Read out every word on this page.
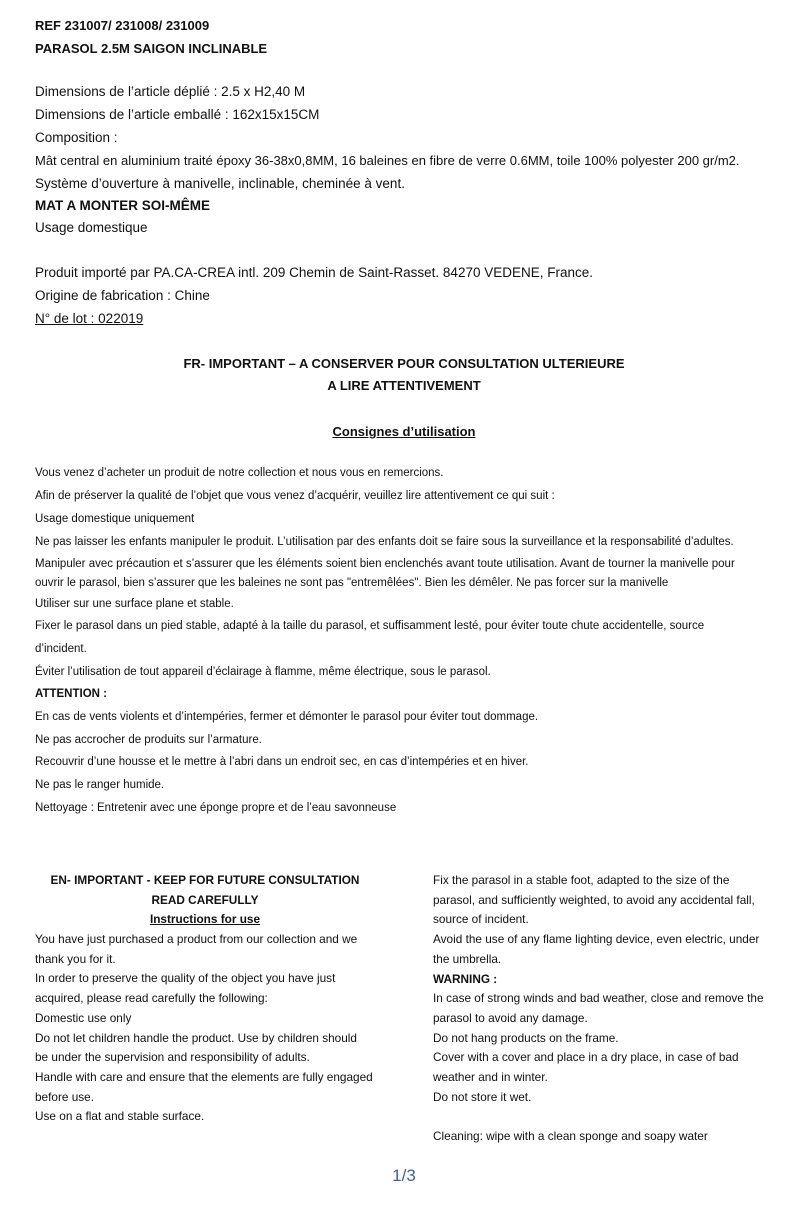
REF 231007/ 231008/ 231009
PARASOL 2.5M SAIGON INCLINABLE
Dimensions de l’article déplié : 2.5 x H2,40 M
Dimensions de l’article emballé : 162x15x15CM
Composition :
Mât central en aluminium traité époxy 36-38x0,8MM, 16 baleines en fibre de verre 0.6MM, toile 100% polyester 200 gr/m2.
Système d’ouverture à manivelle, inclinable, cheminée à vent.
MAT A MONTER SOI-MÊME
Usage domestique
Produit importé par PA.CA-CREA intl. 209 Chemin de Saint-Rasset. 84270 VEDENE, France.
Origine de fabrication : Chine
N° de lot : 022019
FR- IMPORTANT – A CONSERVER POUR CONSULTATION ULTERIEURE
A LIRE ATTENTIVEMENT
Consignes d’utilisation
Vous venez d’acheter un produit de notre collection et nous vous en remercions.
Afin de préserver la qualité de l’objet que vous venez d’acquérir, veuillez lire attentivement ce qui suit :
Usage domestique uniquement
Ne pas laisser les enfants manipuler le produit. L’utilisation par des enfants doit se faire sous la surveillance et la responsabilité d’adultes.
Manipuler avec précaution et s’assurer que les éléments soient bien enclenchés avant toute utilisation. Avant de tourner la manivelle pour
ouvrir le parasol, bien s’assurer que les baleines ne sont pas "entremêlées". Bien les démêler. Ne pas forcer sur la manivelle
Utiliser sur une surface plane et stable.
Fixer le parasol dans un pied stable, adapté à la taille du parasol, et suffisamment lesté, pour éviter toute chute accidentelle, source
d’incident.
Éviter l’utilisation de tout appareil d’éclairage à flamme, même électrique, sous le parasol.
ATTENTION :
En cas de vents violents et d’intempéries, fermer et démonter le parasol pour éviter tout dommage.
Ne pas accrocher de produits sur l’armature.
Recouvrir d’une housse et le mettre à l’abri dans un endroit sec, en cas d’intempéries et en hiver.
Ne pas le ranger humide.
Nettoyage : Entretenir avec une éponge propre et de l’eau savonneuse
EN- IMPORTANT - KEEP FOR FUTURE CONSULTATION
READ CAREFULLY
Instructions for use
You have just purchased a product from our collection and we
thank you for it.
In order to preserve the quality of the object you have just
acquired, please read carefully the following:
Domestic use only
Do not let children handle the product. Use by children should
be under the supervision and responsibility of adults.
Handle with care and ensure that the elements are fully engaged
before use.
Use on a flat and stable surface.
Fix the parasol in a stable foot, adapted to the size of the
parasol, and sufficiently weighted, to avoid any accidental fall,
source of incident.
Avoid the use of any flame lighting device, even electric, under
the umbrella.
WARNING :
In case of strong winds and bad weather, close and remove the
parasol to avoid any damage.
Do not hang products on the frame.
Cover with a cover and place in a dry place, in case of bad
weather and in winter.
Do not store it wet.
Cleaning: wipe with a clean sponge and soapy water
1/3
